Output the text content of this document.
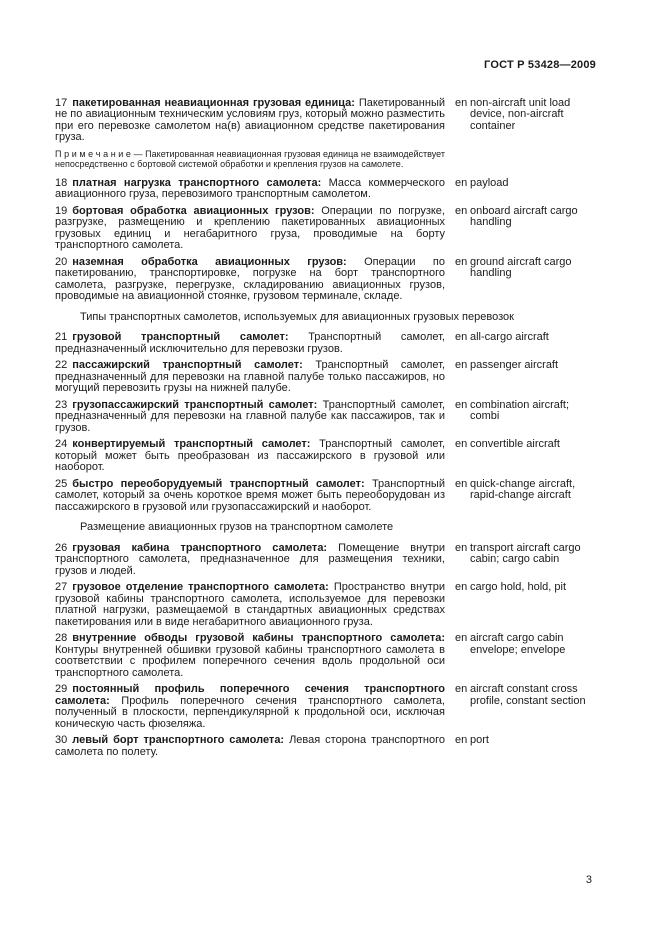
ГОСТ Р 53428—2009
17 пакетированная неавиационная грузовая единица: Пакетированный не по авиационным техническим условиям груз, который можно разместить при его перевозке самолетом на(в) авиационном средстве пакетирования груза.
en non-aircraft unit load device, non-aircraft container
П р и м е ч а н и е — Пакетированная неавиационная грузовая единица не взаимодействует непосредственно с бортовой системой обработки и крепления грузов на самолете.
18 платная нагрузка транспортного самолета: Масса коммерческого авиационного груза, перевозимого транспортным самолетом.
en payload
19 бортовая обработка авиационных грузов: Операции по погрузке, разгрузке, размещению и креплению пакетированных авиационных грузовых единиц и негабаритного груза, проводимые на борту транспортного самолета.
en onboard aircraft cargo handling
20 наземная обработка авиационных грузов: Операции по пакетированию, транспортировке, погрузке на борт транспортного самолета, разгрузке, перегрузке, складированию авиационных грузов, проводимые на авиационной стоянке, грузовом терминале, складе.
en ground aircraft cargo handling
Типы транспортных самолетов, используемых для авиационных грузовых перевозок
21 грузовой транспортный самолет: Транспортный самолет, предназначенный исключительно для перевозки грузов.
en all-cargo aircraft
22 пассажирский транспортный самолет: Транспортный самолет, предназначенный для перевозки на главной палубе только пассажиров, но могущий перевозить грузы на нижней палубе.
en passenger aircraft
23 грузопассажирский транспортный самолет: Транспортный самолет, предназначенный для перевозки на главной палубе как пассажиров, так и грузов.
en combination aircraft; combi
24 конвертируемый транспортный самолет: Транспортный самолет, который может быть преобразован из пассажирского в грузовой или наоборот.
en convertible aircraft
25 быстро переоборудуемый транспортный самолет: Транспортный самолет, который за очень короткое время может быть переоборудован из пассажирского в грузовой или грузопассажирский и наоборот.
en quick-change aircraft, rapid-change aircraft
Размещение авиационных грузов на транспортном самолете
26 грузовая кабина транспортного самолета: Помещение внутри транспортного самолета, предназначенное для размещения техники, грузов и людей.
en transport aircraft cargo cabin; cargo cabin
27 грузовое отделение транспортного самолета: Пространство внутри грузовой кабины транспортного самолета, используемое для перевозки платной нагрузки, размещаемой в стандартных авиационных средствах пакетирования или в виде негабаритного авиационного груза.
en cargo hold, hold, pit
28 внутренние обводы грузовой кабины транспортного самолета: Контуры внутренней обшивки грузовой кабины транспортного самолета в соответствии с профилем поперечного сечения вдоль продольной оси транспортного самолета.
en aircraft cargo cabin envelope; envelope
29 постоянный профиль поперечного сечения транспортного самолета: Профиль поперечного сечения транспортного самолета, полученный в плоскости, перпендикулярной к продольной оси, исключая коническую часть фюзеляжа.
en aircraft constant cross profile, constant section
30 левый борт транспортного самолета: Левая сторона транспортного самолета по полету.
en port
3
